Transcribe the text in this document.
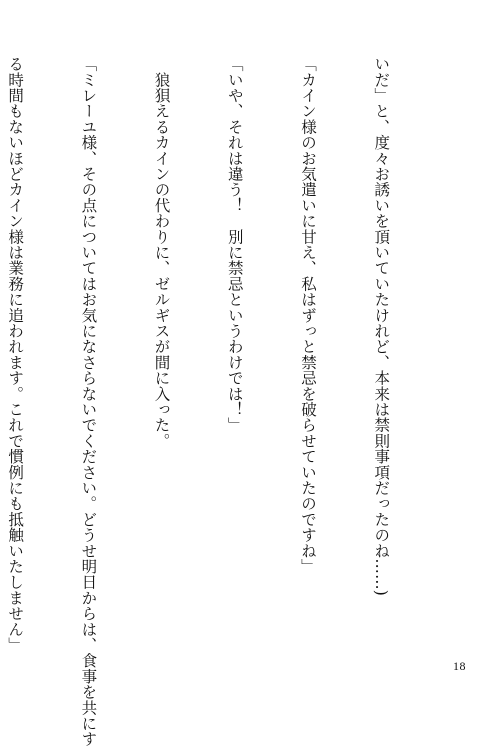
いだ」と、度々お誘いを頂いていたけれど、本来は禁則事項だったのね……)

「カイン様のお気遣いに甘え、私はずっと禁忌を破らせていたのですね」

「いや、それは違う！　別に禁忌というわけでは！」

　狼狽えるカインの代わりに、ゼルギスが間に入った。

「ミレーユ様、その点についてはお気になさらないでください。どうせ明日からは、食事を共にす

る時間もないほどカイン様は業務に追われます。これで慣例にも抵触いたしません」

18
